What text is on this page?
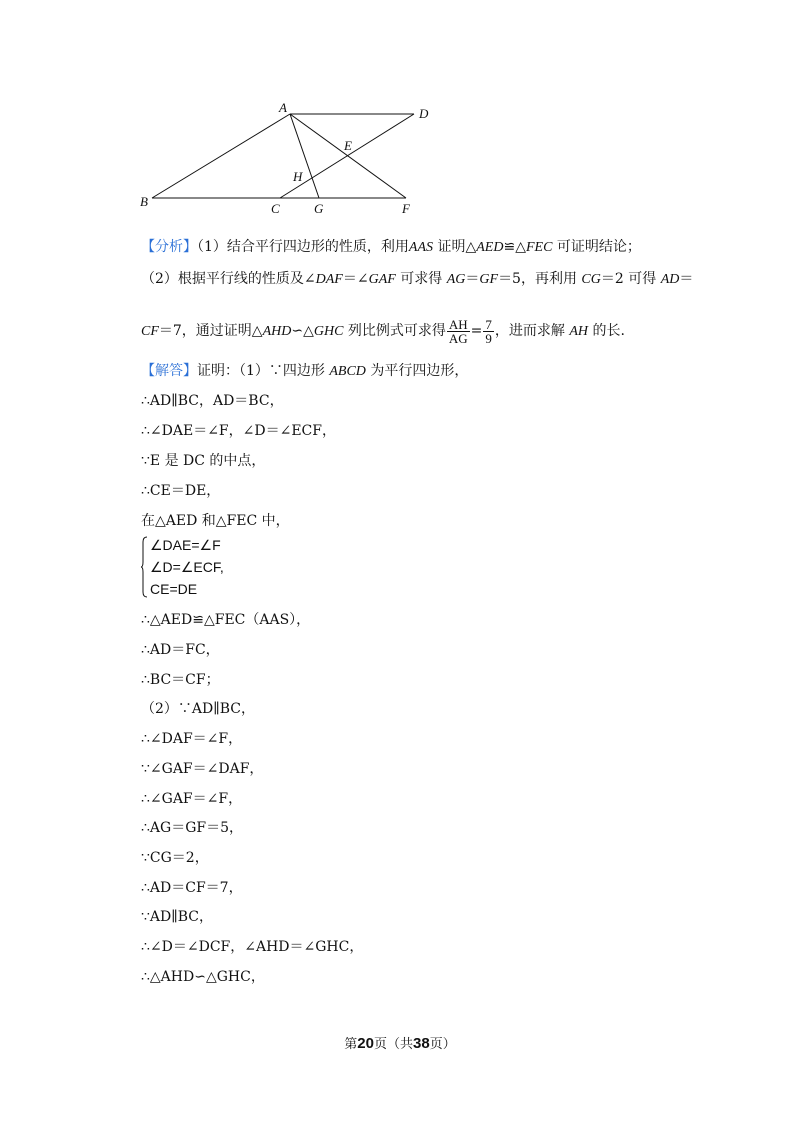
A	D
E
H
B	C	G	F
【分析】（1）结合平行四边形的性质，利用AAS 证明△AED≌△FEC 可证明结论；
（2）根据平行线的性质及∠DAF＝∠GAF 可求得 AG＝GF＝5，再利用 CG＝2 可得 AD＝
CF＝7，通过证明△AHD∽△GHC 列比例式可求得 $\frac{AH}{AG} = \frac{7}{9}$ ，进而求解 AH 的长.
【解答】证明：（1）∵四边形 ABCD 为平行四边形，
∴AD∥BC，AD＝BC，
∴∠DAE＝∠F，∠D＝∠ECF，
∵E 是 DC 的中点，
∴CE＝DE，
在△AED 和△FEC 中，
∠DAE=∠F
∠D=∠ECF,
CE=DE
∴△AED≌△FEC（AAS），
∴AD＝FC，
∴BC＝CF；
（2）∵AD∥BC，
∴∠DAF＝∠F，
∵∠GAF＝∠DAF，
∴∠GAF＝∠F，
∴AG＝GF＝5，
∵CG＝2，
∴AD＝CF＝7，
∵AD∥BC，
∴∠D＝∠DCF，∠AHD＝∠GHC，
∴△AHD∽△GHC，
第20页（共38页）
